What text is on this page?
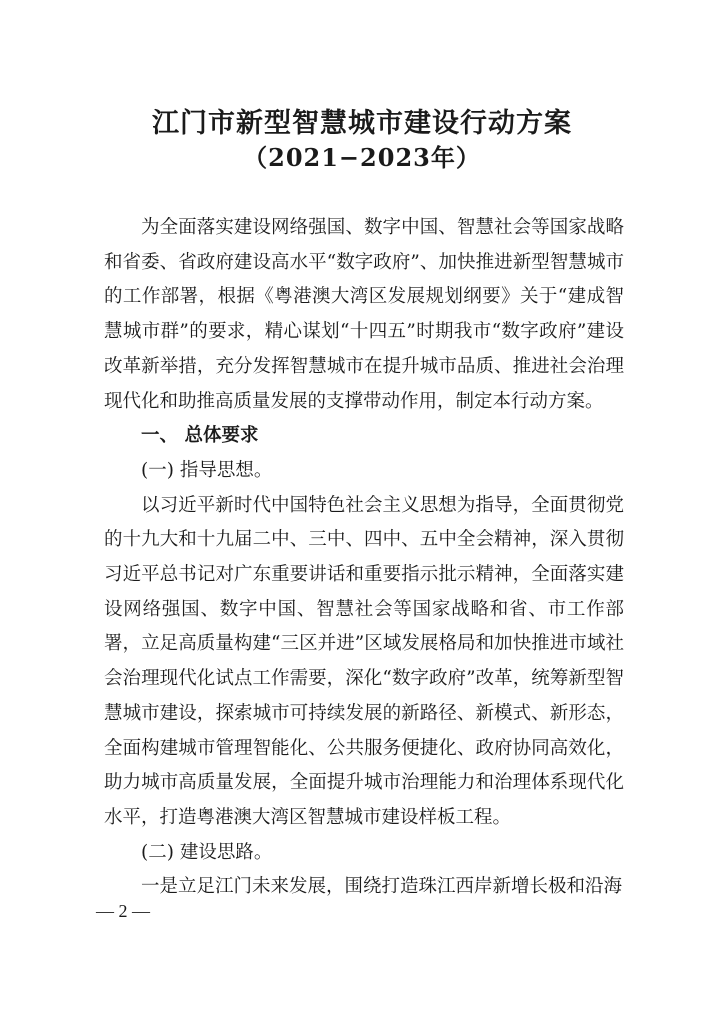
江门市新型智慧城市建设行动方案
（2021−2023年）

为全面落实建设网络强国、数字中国、智慧社会等国家战略和省委、省政府建设高水平“数字政府”、加快推进新型智慧城市的工作部署，根据《粤港澳大湾区发展规划纲要》关于“建成智慧城市群”的要求，精心谋划“十四五”时期我市“数字政府”建设改革新举措，充分发挥智慧城市在提升城市品质、推进社会治理现代化和助推高质量发展的支撑带动作用，制定本行动方案。

一、 总体要求

(一) 指导思想。

以习近平新时代中国特色社会主义思想为指导，全面贯彻党的十九大和十九届二中、三中、四中、五中全会精神，深入贯彻习近平总书记对广东重要讲话和重要指示批示精神，全面落实建设网络强国、数字中国、智慧社会等国家战略和省、市工作部署，立足高质量构建“三区并进”区域发展格局和加快推进市域社会治理现代化试点工作需要，深化“数字政府”改革，统筹新型智慧城市建设，探索城市可持续发展的新路径、新模式、新形态，全面构建城市管理智能化、公共服务便捷化、政府协同高效化，助力城市高质量发展，全面提升城市治理能力和治理体系现代化水平，打造粤港澳大湾区智慧城市建设样板工程。

(二) 建设思路。

一是立足江门未来发展，围绕打造珠江西岸新增长极和沿海

— 2 —
